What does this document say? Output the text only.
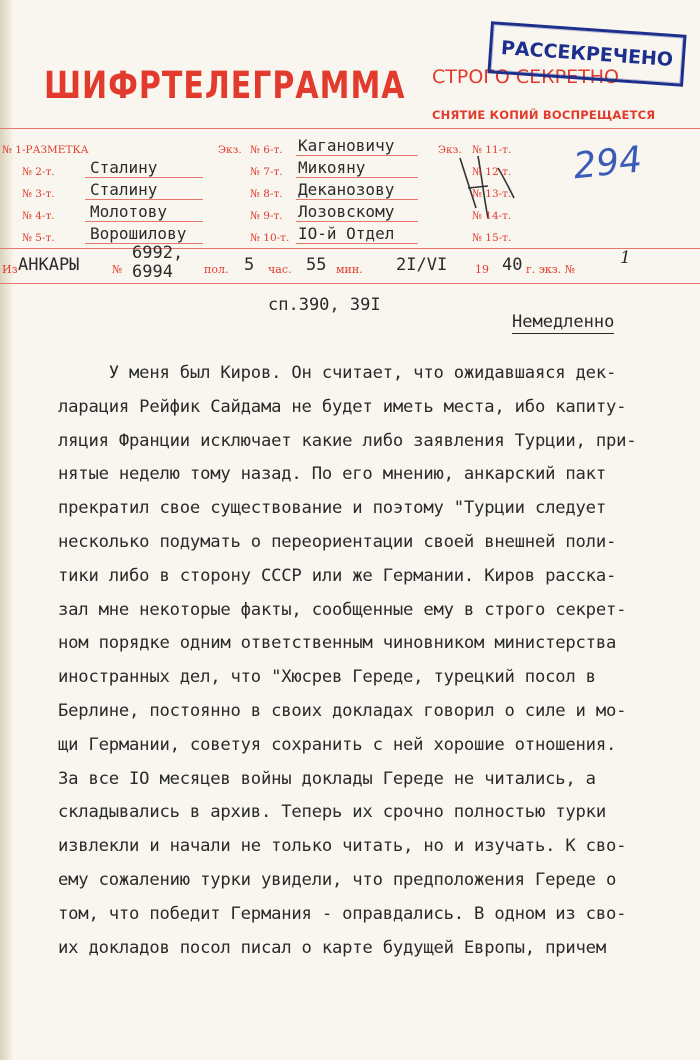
ШИФРТЕЛЕГРАММА СТРОГО СЕКРЕТНО
СНЯТИЕ КОПИЙ ВОСПРЕЩАЕТСЯ
РАССЕКРЕЧЕНО
294
№ 1-РАЗМЕТКА
№ 2-т. Сталину
№ 3-т. Сталину
№ 4-т. Молотову
№ 5-т. Ворошилову
Экз. № 6-т. Кагановичу
№ 7-т. Микояну
№ 8-т. Деканозову
№ 9-т. Лозовскому
№ 10-т. IO-й Отдел
Экз. № 11-т.
№ 12-т.
№ 13-т.
№ 14-т.
№ 15-т.
Из АНКАРЫ	№
6992,
6994	пол. 5 час. 55 мин. 2I/VI	19 40 г. экз. №
1
сп.390, 39I
Немедленно
У меня был Киров. Он считает, что ожидавшаяся дек-
ларация Рейфик Сайдама не будет иметь места, ибо капиту-
ляция Франции исключает какие либо заявления Турции, при-
нятые неделю тому назад. По его мнению, анкарский пакт
прекратил свое существование и поэтому "Турции следует
несколько подумать о переориентации своей внешней поли-
тики либо в сторону СССР или же Германии. Киров расска-
зал мне некоторые факты, сообщенные ему в строго секрет-
ном порядке одним ответственным чиновником министерства
иностранных дел, что "Хюсрев Гереде, турецкий посол в
Берлине, постоянно в своих докладах говорил о силе и мо-
щи Германии, советуя сохранить с ней хорошие отношения.
За все IO месяцев войны доклады Гереде не читались, а
складывались в архив. Теперь их срочно полностью турки
извлекли и начали не только читать, но и изучать. К сво-
ему сожалению турки увидели, что предположения Гереде о
том, что победит Германия - оправдались. В одном из сво-
их докладов посол писал о карте будущей Европы, причем
